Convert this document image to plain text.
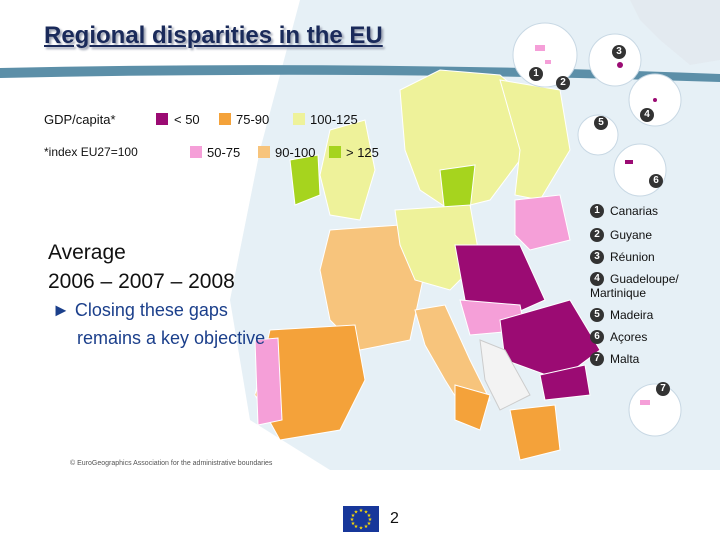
Regional disparities in the EU
GDP/capita*
*index EU27=100
< 50
50-75
75-90
90-100
100-125
> 125
Average
2006 – 2007 – 2008
► Closing these gaps
remains a key objective
1
2
3
4
5
6
7
1 Canarias
2 Guyane
3 Réunion
4 Guadeloupe/ Martinique
5 Madeira
6 Açores
7 Malta
© EuroGeographics Association for the administrative boundaries
★ ★
★
★
★
★
★
★
★
★
★
★ 2
